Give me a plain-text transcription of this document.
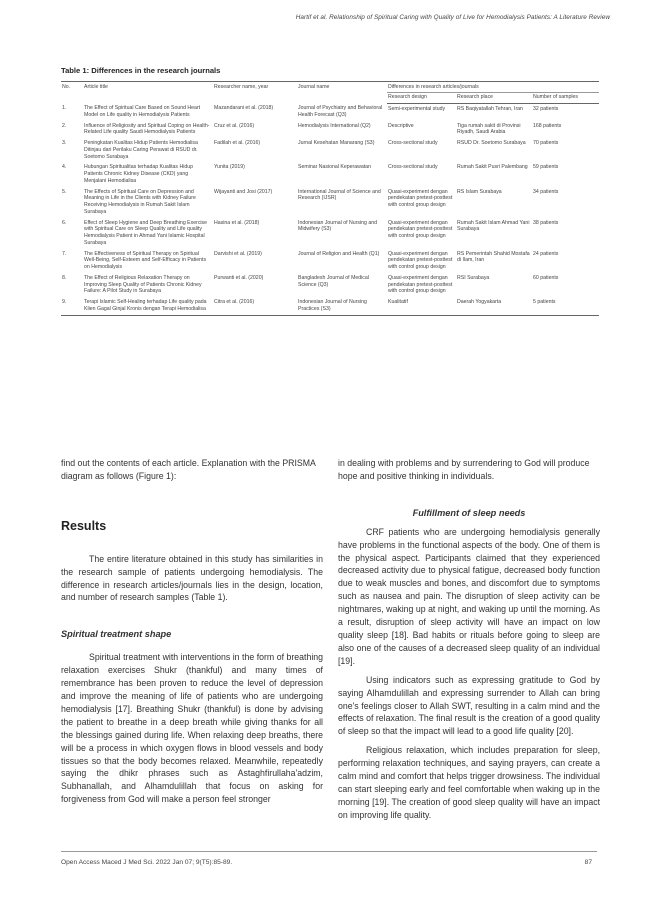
Hartif et al. Relationship of Spiritual Caring with Quality of Live for Hemodialysis Patients: A Literature Review
Table 1: Differences in the research journals
No.	Article title	Researcher name, year	Journal name	Differences in research articles/journals		
				Research design	Research place	Number of samples
1.	The Effect of Spiritual Care Based on Sound Heart Model on Life quality in Hemodialysis Patients	Mazandarani et al. (2018)	Journal of Psychiatry and Behavioral Health Forecast (Q3)	Semi-experimental study	RS Baqiyatallah Tehran, Iran	32 patients
2.	Influence of Religiosity and Spiritual Coping on Health-Related Life quality Saudi Hemodialysis Patients	Cruz et al. (2016)	Hemodialysis International (Q2)	Descriptive	Tiga rumah sakit di Provinsi Riyadh, Saudi Arabia	168 patients
3.	Peningkatan Kualitas Hidup Patients Hemodialisa Ditinjau dari Perilaku Caring Perawat di RSUD dr. Soetomo Surabaya	Fadilah et al. (2016)	Jurnal Kesehatan Manarang (S3)	Cross-sectional study	RSUD Dr. Soetomo Surabaya	70 patients
4.	Hubungan Spiritualitas terhadap Kualitas Hidup Patients Chronic Kidney Disease (CKD) yang Menjalani Hemodialisa	Yunita (2019)	Seminar Nasional Keperawatan	Cross-sectional study	Rumah Sakit Pusri Palembang	59 patients
5.	The Effects of Spiritual Care on Depression and Meaning in Life in the Clients with Kidney Failure Receiving Hemodialysis in Rumah Sakit Islam Surabaya	Wijayanti and Josi (2017)	International Journal of Science and Research (IJSR)	Quasi-experiment dengan pendekatan pretest-posttest with control group design	RS Islam Surabaya	34 patients
6.	Effect of Sleep Hygiene and Deep Breathing Exercise with Spiritual Care on Sleep Quality and Life quality Hemodialysis Patient in Ahmad Yani Islamic Hospital Surabaya	Hasina et al. (2018)	Indonesian Journal of Nursing and Midwifery (S3)	Quasi-experiment dengan pendekatan pretest-posttest with control group design	Rumah Sakit Islam Ahmad Yani Surabaya	38 patients
7.	The Effectiveness of Spiritual Therapy on Spiritual Well-Being, Self-Esteem and Self-Efficacy in Patients on Hemodialysis	Darvishi et al. (2019)	Journal of Religion and Health (Q1)	Quasi-experiment dengan pendekatan pretest-posttest with control group design	RS Pemerintah Shahid Mostafa di Ilam, Iran	24 patients
8.	The Effect of Religious Relaxation Therapy on Improving Sleep Quality of Patients Chronic Kidney Failure: A Pilot Study in Surabaya	Purwanti et al. (2020)	Bangladesh Journal of Medical Science (Q3)	Quasi-experiment dengan pendekatan pretest-posttest with control group design	RSI Surabaya	60 patients
9.	Terapi Islamic Self-Healing terhadap Life quality pada Klien Gagal Ginjal Kronis dengan Terapi Hemodialisa	Citra et al. (2016)	Indonesian Journal of Nursing Practices (S3)	Kualitatif	Daerah Yogyakarta	5 patients

find out the contents of each article. Explanation with the PRISMA diagram as follows (Figure 1):

Results

The entire literature obtained in this study has similarities in the research sample of patients undergoing hemodialysis. The difference in research articles/journals lies in the design, location, and number of research samples (Table 1).

Spiritual treatment shape

Spiritual treatment with interventions in the form of breathing relaxation exercises Shukr (thankful) and many times of remembrance has been proven to reduce the level of depression and improve the meaning of life of patients who are undergoing hemodialysis [17]. Breathing Shukr (thankful) is done by advising the patient to breathe in a deep breath while giving thanks for all the blessings gained during life. When relaxing deep breaths, there will be a process in which oxygen flows in blood vessels and body tissues so that the body becomes relaxed. Meanwhile, repeatedly saying the dhikr phrases such as Astaghfirullaha'adzim, Subhanallah, and Alhamdulillah that focus on asking for forgiveness from God will make a person feel stronger

in dealing with problems and by surrendering to God will produce hope and positive thinking in individuals.

Fulfillment of sleep needs

CRF patients who are undergoing hemodialysis generally have problems in the functional aspects of the body. One of them is the physical aspect. Participants claimed that they experienced decreased activity due to physical fatigue, decreased body function due to weak muscles and bones, and discomfort due to symptoms such as nausea and pain. The disruption of sleep activity can be nightmares, waking up at night, and waking up until the morning. As a result, disruption of sleep activity will have an impact on low quality sleep [18]. Bad habits or rituals before going to sleep are also one of the causes of a decreased sleep quality of an individual [19].

Using indicators such as expressing gratitude to God by saying Alhamdulillah and expressing surrender to Allah can bring one's feelings closer to Allah SWT, resulting in a calm mind and the effects of relaxation. The final result is the creation of a good quality of sleep so that the impact will lead to a good life quality [20].

Religious relaxation, which includes preparation for sleep, performing relaxation techniques, and saying prayers, can create a calm mind and comfort that helps trigger drowsiness. The individual can start sleeping early and feel comfortable when waking up in the morning [19]. The creation of good sleep quality will have an impact on improving life quality.

Open Access Maced J Med Sci. 2022 Jan 07; 9(T5):85-89.	87
